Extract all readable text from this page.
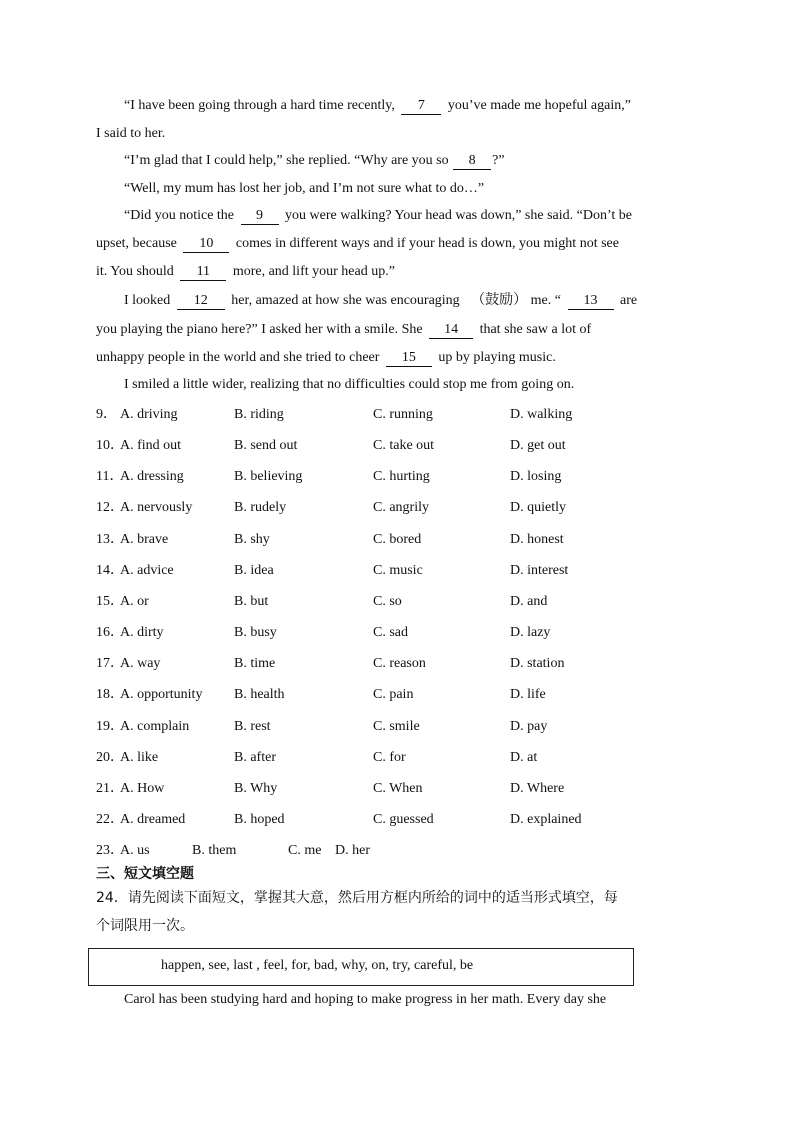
“I have been going through a hard time recently, 7 you’ve made me hopeful again,”
I said to her.
“I’m glad that I could help,” she replied. “Why are you so 8 ?”
“Well, my mum has lost her job, and I’m not sure what to do…”
“Did you notice the 9 you were walking? Your head was down,” she said. “Don’t be
upset, because 10 comes in different ways and if your head is down, you might not see
it. You should 11 more, and lift your head up.”
I looked 12 her, amazed at how she was encouraging （鼓励） me. “ 13 are
you playing the piano here?” I asked her with a smile. She 14 that she saw a lot of
unhappy people in the world and she tried to cheer 15 up by playing music.
I smiled a little wider, realizing that no difficulties could stop me from going on.
9． A. driving	B. riding	C. running	D. walking
10．
A. find out	B. send out	C. take out	D. get out
11．
A. dressing	B. believing	C. hurting	D. losing
12．
A. nervously	B. rudely	C. angrily	D. quietly
13．
A. brave	B. shy	C. bored	D. honest
14．
A. advice	B. idea	C. music	D. interest
15．
A. or	B. but	C. so	D. and
16．
A. dirty	B. busy	C. sad	D. lazy
17．
A. way	B. time	C. reason	D. station
18．
A. opportunity B. health	C. pain	D. life
19．
A. complain	B. rest	C. smile	D. pay
20．
A. like	B. after	C. for	D. at
21．
A. How	B. Why	C. When	D. Where
22．
A. dreamed	B. hoped	C. guessed	D. explained
23．
A. us	B. them	C. me D. her
三、短文填空题
24．请先阅读下面短文，掌握其大意，然后用方框内所给的词中的适当形式填空，每
个词限用一次。
happen, see, last , feel, for, bad, why, on, try, careful, be
Carol has been studying hard and hoping to make progress in her math. Every day she
